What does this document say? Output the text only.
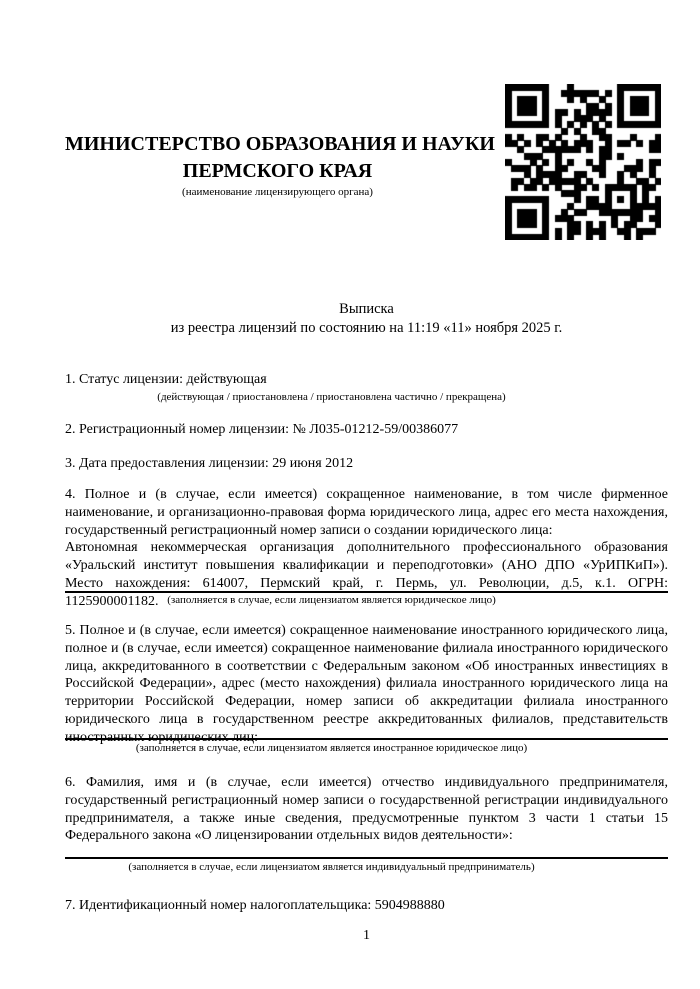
МИНИСТЕРСТВО ОБРАЗОВАНИЯ И НАУКИ
ПЕРМСКОГО КРАЯ
(наименование лицензирующего органа)
Выписка
из реестра лицензий по состоянию на 11:19 «11» ноября 2025 г.
1. Статус лицензии: действующая
(действующая / приостановлена / приостановлена частично / прекращена)
2. Регистрационный номер лицензии: № Л035-01212-59/00386077
3. Дата предоставления лицензии: 29 июня 2012
4. Полное и (в случае, если имеется) сокращенное наименование, в том числе фирменное наименование, и организационно-правовая форма юридического лица, адрес его места нахождения, государственный регистрационный номер записи о создании юридического лица:
Автономная некоммерческая организация дополнительного профессионального образования «Уральский институт повышения квалификации и переподготовки» (АНО ДПО «УрИПКиП»). Место нахождения: 614007, Пермский край, г. Пермь, ул. Революции, д.5, к.1. ОГРН: 1125900001182. (заполняется в случае, если лицензиатом является юридическое лицо)
5. Полное и (в случае, если имеется) сокращенное наименование иностранного юридического лица, полное и (в случае, если имеется) сокращенное наименование филиала иностранного юридического лица, аккредитованного в соответствии с Федеральным законом «Об иностранных инвестициях в Российской Федерации», адрес (место нахождения) филиала иностранного юридического лица на территории Российской Федерации, номер записи об аккредитации филиала иностранного юридического лица в государственном реестре аккредитованных филиалов, представительств иностранных юридических лиц:
(заполняется в случае, если лицензиатом является иностранное юридическое лицо)
6. Фамилия, имя и (в случае, если имеется) отчество индивидуального предпринимателя, государственный регистрационный номер записи о государственной регистрации индивидуального предпринимателя, а также иные сведения, предусмотренные пунктом 3 части 1 статьи 15 Федерального закона «О лицензировании отдельных видов деятельности»:
(заполняется в случае, если лицензиатом является индивидуальный предприниматель)
7. Идентификационный номер налогоплательщика: 5904988880
1
